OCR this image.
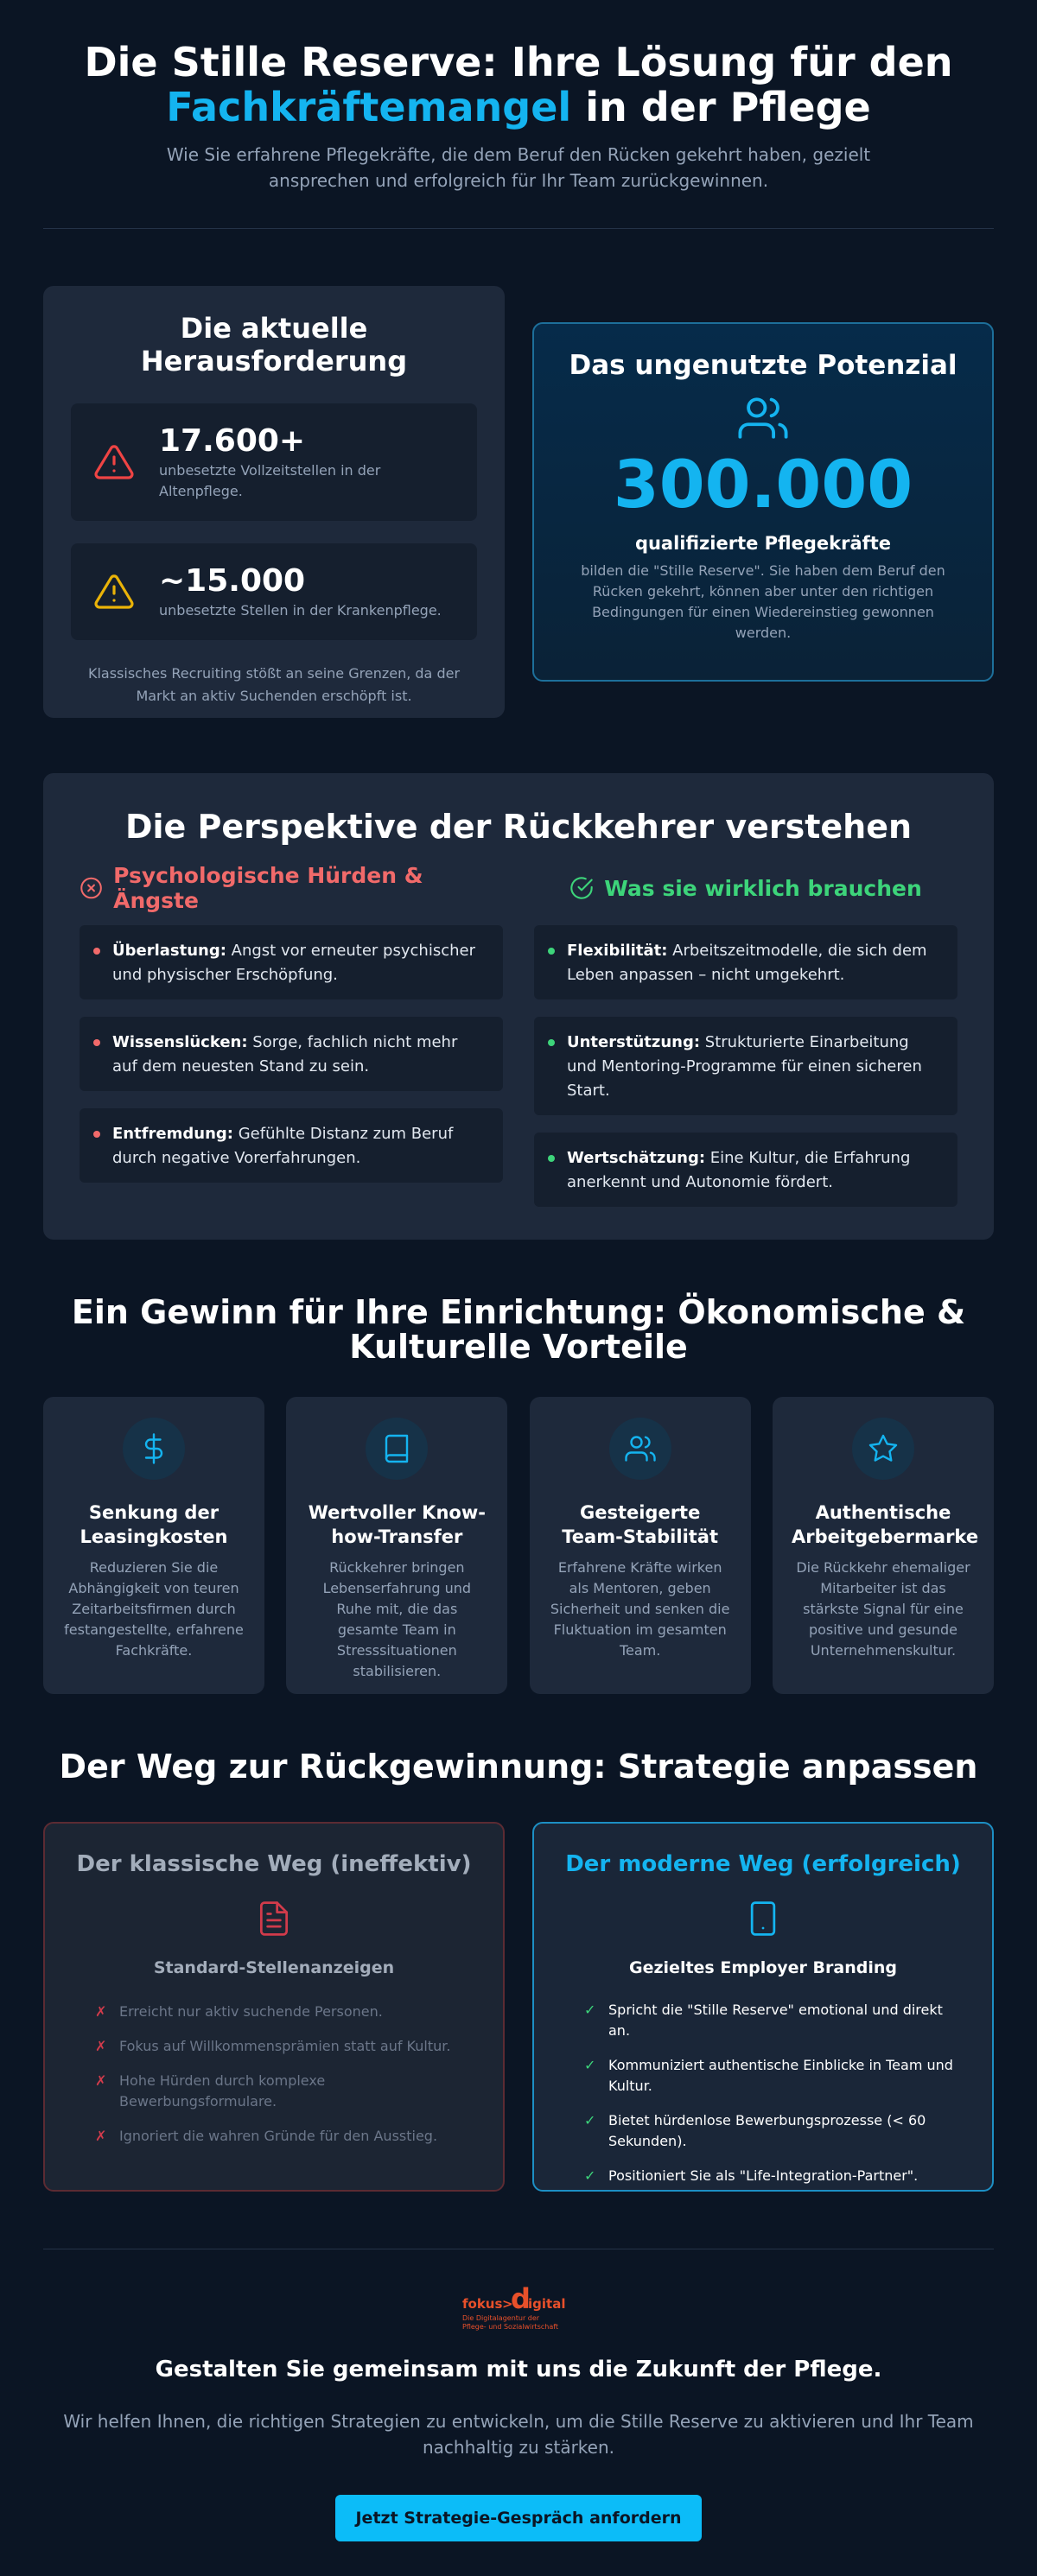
Die Stille Reserve: Ihre Lösung für den
Fachkräftemangel in der Pflege

Wie Sie erfahrene Pflegekräfte, die dem Beruf den Rücken gekehrt haben, gezielt ansprechen und erfolgreich für Ihr Team zurückgewinnen.

Die aktuelle Herausforderung
17.600+
unbesetzte Vollzeitstellen in der Altenpflege.
~15.000
unbesetzte Stellen in der Krankenpflege.

Klassisches Recruiting stößt an seine Grenzen, da der Markt an aktiv Suchenden erschöpft ist.

Das ungenutzte Potenzial
300.000
qualifizierte Pflegekräfte

bilden die "Stille Reserve". Sie haben dem Beruf den Rücken gekehrt, können aber unter den richtigen Bedingungen für einen Wiedereinstieg gewonnen werden.

Die Perspektive der Rückkehrer verstehen
Psychologische Hürden & Ängste
Überlastung: Angst vor erneuter psychischer und physischer Erschöpfung.
Wissenslücken: Sorge, fachlich nicht mehr auf dem neuesten Stand zu sein.
Entfremdung: Gefühlte Distanz zum Beruf durch negative Vorerfahrungen.
Was sie wirklich brauchen
Flexibilität: Arbeitszeitmodelle, die sich dem Leben anpassen – nicht umgekehrt.
Unterstützung: Strukturierte Einarbeitung und Mentoring-Programme für einen sicheren Start.
Wertschätzung: Eine Kultur, die Erfahrung anerkennt und Autonomie fördert.
Ein Gewinn für Ihre Einrichtung: Ökonomische & Kulturelle Vorteile
Senkung der Leasingkosten

Reduzieren Sie die Abhängigkeit von teuren Zeitarbeitsfirmen durch festangestellte, erfahrene Fachkräfte.

Wertvoller Know-how-Transfer

Rückkehrer bringen Lebenserfahrung und Ruhe mit, die das gesamte Team in Stresssituationen stabilisieren.

Gesteigerte Team-Stabilität

Erfahrene Kräfte wirken als Mentoren, geben Sicherheit und senken die Fluktuation im gesamten Team.

Authentische Arbeitgebermarke

Die Rückkehr ehemaliger Mitarbeiter ist das stärkste Signal für eine positive und gesunde Unternehmenskultur.

Der Weg zur Rückgewinnung: Strategie anpassen
Der klassische Weg (ineffektiv)
Standard-Stellenanzeigen
✗ Erreicht nur aktiv suchende Personen.
✗ Fokus auf Willkommensprämien statt auf Kultur.
✗ Hohe Hürden durch komplexe Bewerbungsformulare.
✗ Ignoriert die wahren Gründe für den Ausstieg.
Der moderne Weg (erfolgreich)
Gezieltes Employer Branding
✓ Spricht die "Stille Reserve" emotional und direkt an.
✓ Kommuniziert authentische Einblicke in Team und Kultur.
✓ Bietet hürdenlose Bewerbungsprozesse (< 60 Sekunden).
✓ Positioniert Sie als "Life-Integration-Partner".
fokus >
d
igital
Die Digitalagentur der
Pflege- und Sozialwirtschaft
Gestalten Sie gemeinsam mit uns die Zukunft der Pflege.

Wir helfen Ihnen, die richtigen Strategien zu entwickeln, um die Stille Reserve zu aktivieren und Ihr Team nachhaltig zu stärken.

Jetzt Strategie-Gespräch anfordern
